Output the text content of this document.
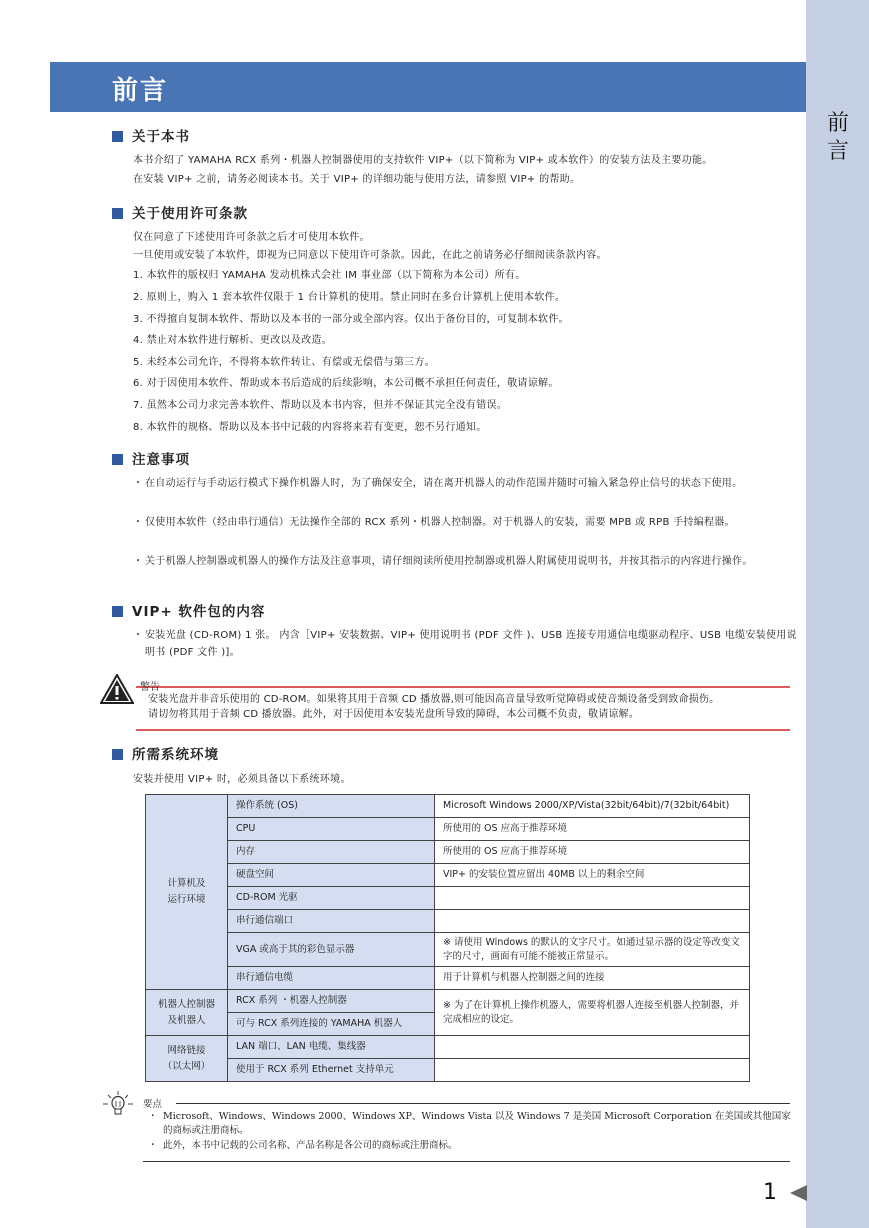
前言
前言
关于本书
本书介绍了 YAMAHA RCX 系列・机器人控制器使用的支持软件 VIP+（以下简称为 VIP+ 或本软件）的安装方法及主要功能。
在安装 VIP+ 之前，请务必阅读本书。关于 VIP+ 的详细功能与使用方法，请参照 VIP+ 的帮助。
关于使用许可条款
仅在同意了下述使用许可条款之后才可使用本软件。
一旦使用或安装了本软件，即视为已同意以下使用许可条款。因此，在此之前请务必仔细阅读条款内容。
1. 本软件的版权归 YAMAHA 发动机株式会社 IM 事业部（以下简称为本公司）所有。
2. 原则上，购入 1 套本软件仅限于 1 台计算机的使用。禁止同时在多台计算机上使用本软件。
3. 不得擅自复制本软件、帮助以及本书的一部分或全部内容。仅出于备份目的，可复制本软件。
4. 禁止对本软件进行解析、更改以及改造。
5. 未经本公司允许，不得将本软件转让、有偿或无偿借与第三方。
6. 对于因使用本软件、帮助或本书后造成的后续影响，本公司概不承担任何责任，敬请谅解。
7. 虽然本公司力求完善本软件、帮助以及本书内容，但并不保证其完全没有错误。
8. 本软件的规格、帮助以及本书中记载的内容将来若有变更，恕不另行通知。
注意事项
・ 在自动运行与手动运行模式下操作机器人时，为了确保安全，请在离开机器人的动作范围并随时可输入紧急停止信号的状态下使用。
・ 仅使用本软件（经由串行通信）无法操作全部的 RCX 系列・机器人控制器。对于机器人的安装，需要 MPB 或 RPB 手持编程器。
・ 关于机器人控制器或机器人的操作方法及注意事项，请仔细阅读所使用控制器或机器人附属使用说明书，并按其指示的内容进行操作。
VIP+ 软件包的内容
・ 安装光盘 (CD-ROM) 1 张。 内含［VIP+ 安装数据、VIP+ 使用说明书 (PDF 文件 )、USB 连接专用通信电缆驱动程序、USB 电缆安装使用说明书 (PDF 文件 )]。
警告
安装光盘并非音乐使用的 CD-ROM。如果将其用于音频 CD 播放器,则可能因高音量导致听觉障碍或使音频设备受到致命损伤。
请切勿将其用于音频 CD 播放器。此外，对于因使用本安装光盘所导致的障碍，本公司概不负责，敬请谅解。
所需系统环境
安装并使用 VIP+ 时，必须具备以下系统环境。
计算机及
运行环境	操作系统 (OS)	Microsoft Windows 2000/XP/Vista(32bit/64bit)/7(32bit/64bit)
	CPU	所使用的 OS 应高于推荐环境
	内存	所使用的 OS 应高于推荐环境
	硬盘空间	VIP+ 的安装位置应留出 40MB 以上的剩余空间
	CD-ROM 光驱	
	串行通信端口	
	VGA 或高于其的彩色显示器	※ 请使用 Windows 的默认的文字尺寸。如通过显示器的设定等改变文字的尺寸，画面有可能不能被正常显示。
	串行通信电缆	用于计算机与机器人控制器之间的连接

机器人控制器
及机器人	RCX 系列 ・机器人控制器	※ 为了在计算机上操作机器人，需要将机器人连接至机器人控制器，并完成相应的设定。
	可与 RCX 系列连接的 YAMAHA 机器人	

网络链接
（以太网）	LAN 端口、LAN 电缆、集线器	
	使用于 RCX 系列 Ethernet 支持单元	
要点
・ Microsoft、Windows、Windows 2000、Windows XP、Windows Vista 以及 Windows 7 是美国 Microsoft Corporation 在美国或其他国家的商标或注册商标。
・ 此外，本书中记载的公司名称、产品名称是各公司的商标或注册商标。
1
